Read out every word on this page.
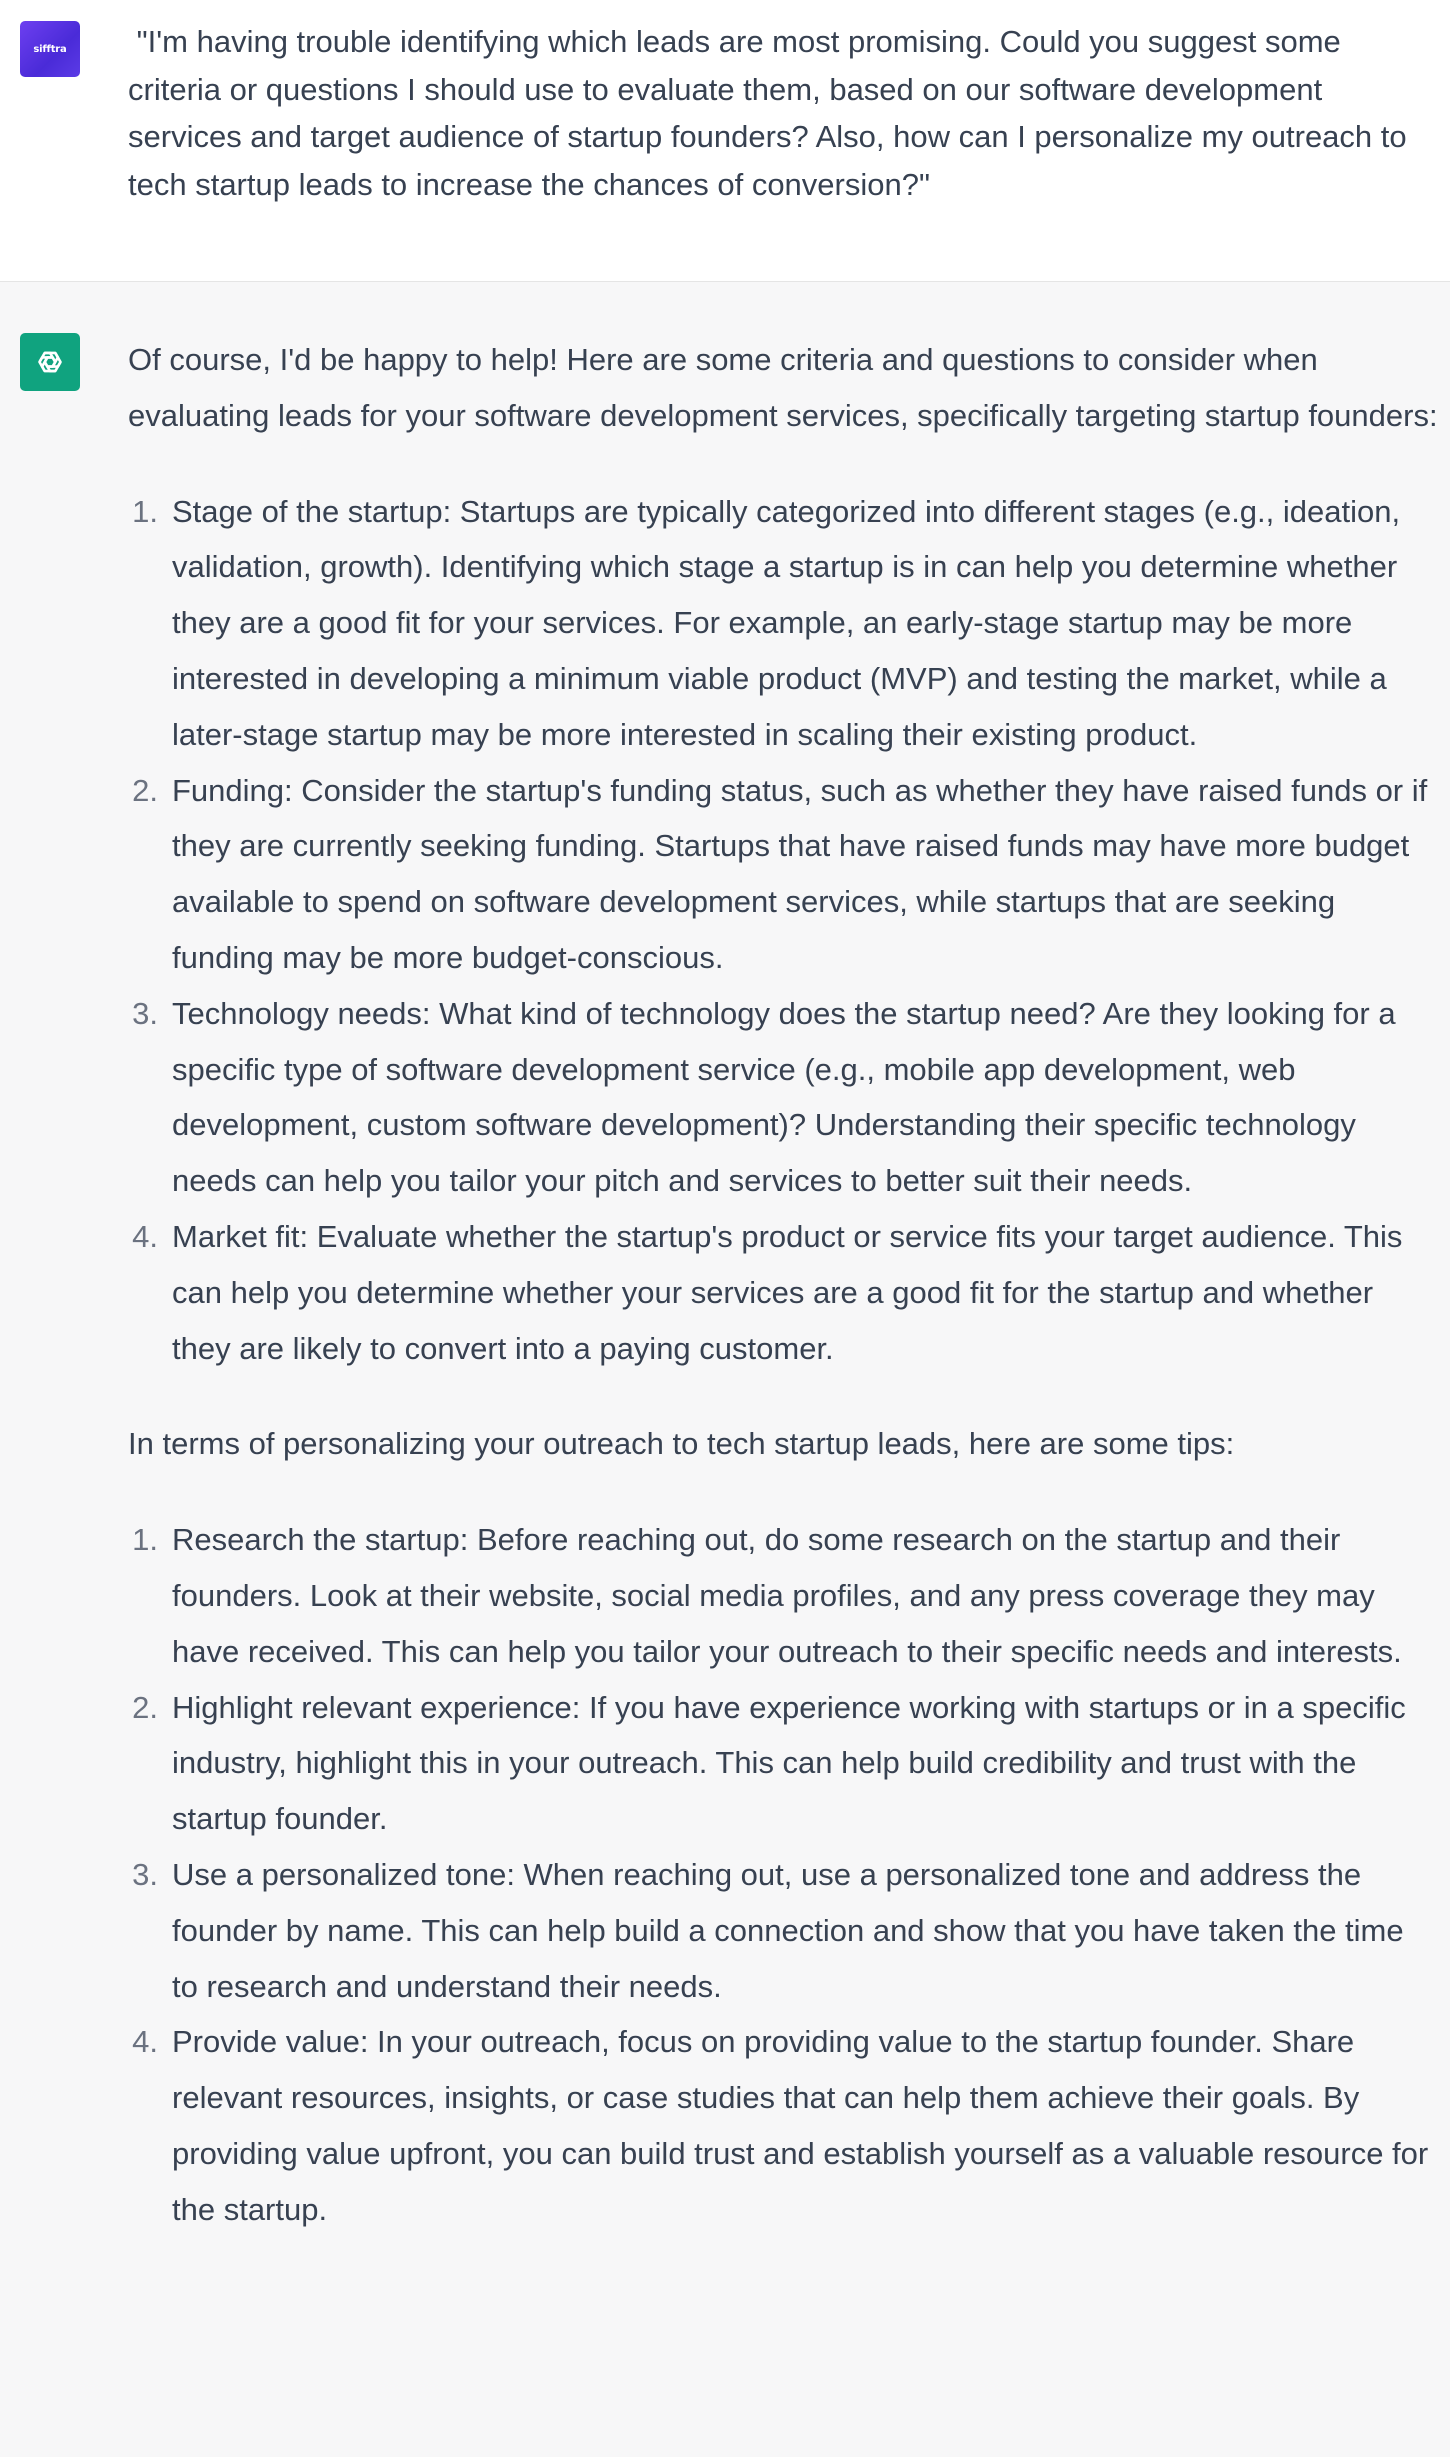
sifftra "I'm having trouble identifying which leads are most promising. Could you suggest some criteria or questions I should use to evaluate them, based on our software development services and target audience of startup founders? Also, how can I personalize my outreach to tech startup leads to increase the chances of conversion?"

Of course, I'd be happy to help! Here are some criteria and questions to consider when evaluating leads for your software development services, specifically targeting startup founders:

Stage of the startup: Startups are typically categorized into different stages (e.g., ideation, validation, growth). Identifying which stage a startup is in can help you determine whether they are a good fit for your services. For example, an early-stage startup may be more interested in developing a minimum viable product (MVP) and testing the market, while a later-stage startup may be more interested in scaling their existing product.
Funding: Consider the startup's funding status, such as whether they have raised funds or if they are currently seeking funding. Startups that have raised funds may have more budget available to spend on software development services, while startups that are seeking funding may be more budget-conscious.
Technology needs: What kind of technology does the startup need? Are they looking for a specific type of software development service (e.g., mobile app development, web development, custom software development)? Understanding their specific technology needs can help you tailor your pitch and services to better suit their needs.
Market fit: Evaluate whether the startup's product or service fits your target audience. This can help you determine whether your services are a good fit for the startup and whether they are likely to convert into a paying customer.

In terms of personalizing your outreach to tech startup leads, here are some tips:

Research the startup: Before reaching out, do some research on the startup and their founders. Look at their website, social media profiles, and any press coverage they may have received. This can help you tailor your outreach to their specific needs and interests.
Highlight relevant experience: If you have experience working with startups or in a specific industry, highlight this in your outreach. This can help build credibility and trust with the startup founder.
Use a personalized tone: When reaching out, use a personalized tone and address the founder by name. This can help build a connection and show that you have taken the time to research and understand their needs.
Provide value: In your outreach, focus on providing value to the startup founder. Share relevant resources, insights, or case studies that can help them achieve their goals. By providing value upfront, you can build trust and establish yourself as a valuable resource for the startup.
